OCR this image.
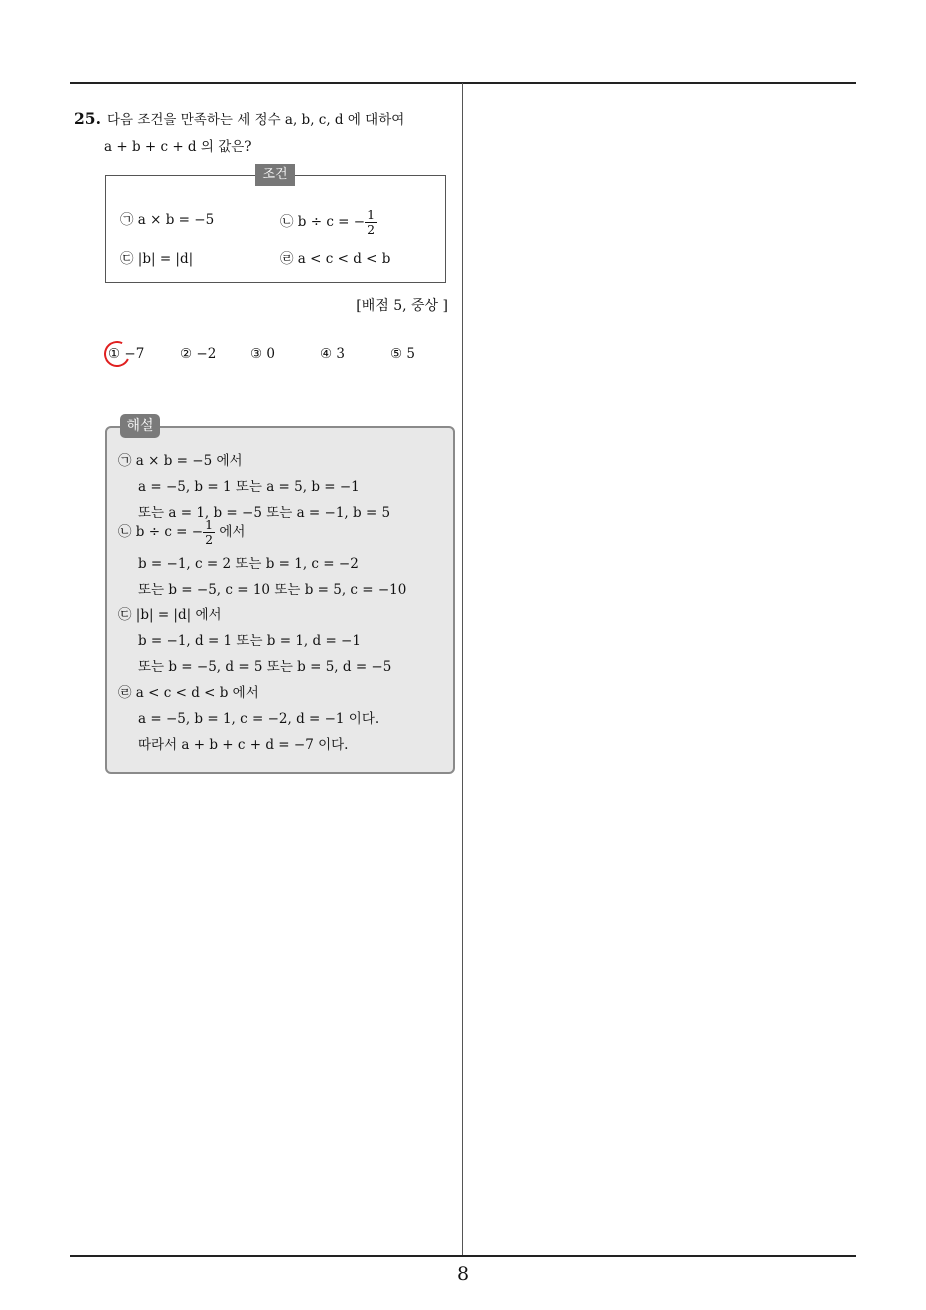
25. 다음 조건을 만족하는 세 정수 a, b, c, d 에 대하여
a + b + c + d 의 값은?
조건
㉠ a × b = −5	㉡ b ÷ c = − $\frac{1}{2}$
㉢ |b| = |d|	㉣ a < c < d < b
[배점 5, 중상 ]
① −7	② −2 ③ 0	④ 3	⑤ 5
해설
㉠ a × b = −5 에서
a = −5, b = 1 또는 a = 5, b = −1
또는 a = 1, b = −5 또는 a = −1, b = 5
㉡ b ÷ c = − $\frac{1}{2}$ 에서
b = −1, c = 2 또는 b = 1, c = −2
또는 b = −5, c = 10 또는 b = 5, c = −10
㉢ |b| = |d| 에서
b = −1, d = 1 또는 b = 1, d = −1
또는 b = −5, d = 5 또는 b = 5, d = −5
㉣ a < c < d < b 에서
a = −5, b = 1, c = −2, d = −1 이다.
따라서 a + b + c + d = −7 이다.
8
